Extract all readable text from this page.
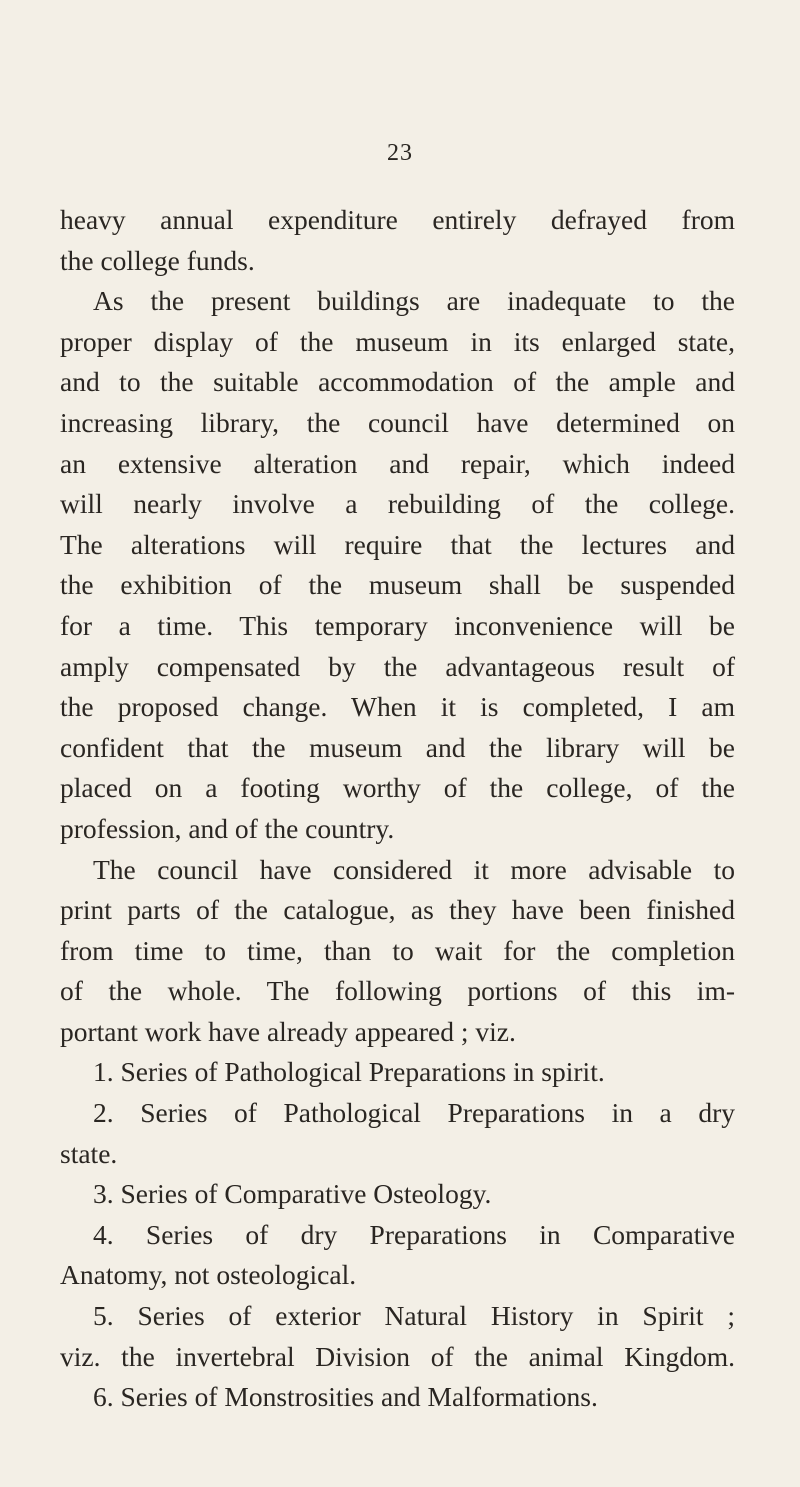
23
heavy annual expenditure entirely defrayed from
the college funds.
As the present buildings are inadequate to the
proper display of the museum in its enlarged state,
and to the suitable accommodation of the ample and
increasing library, the council have determined on
an extensive alteration and repair, which indeed
will nearly involve a rebuilding of the college.
The alterations will require that the lectures and
the exhibition of the museum shall be suspended
for a time. This temporary inconvenience will be
amply compensated by the advantageous result of
the proposed change. When it is completed, I am
confident that the museum and the library will be
placed on a footing worthy of the college, of the
profession, and of the country.
The council have considered it more advisable to
print parts of the catalogue, as they have been finished
from time to time, than to wait for the completion
of the whole. The following portions of this im-
portant work have already appeared ; viz.
1. Series of Pathological Preparations in spirit.
2. Series of Pathological Preparations in a dry
state.
3. Series of Comparative Osteology.
4. Series of dry Preparations in Comparative
Anatomy, not osteological.
5. Series of exterior Natural History in Spirit ;
viz. the invertebral Division of the animal Kingdom.
6. Series of Monstrosities and Malformations.
